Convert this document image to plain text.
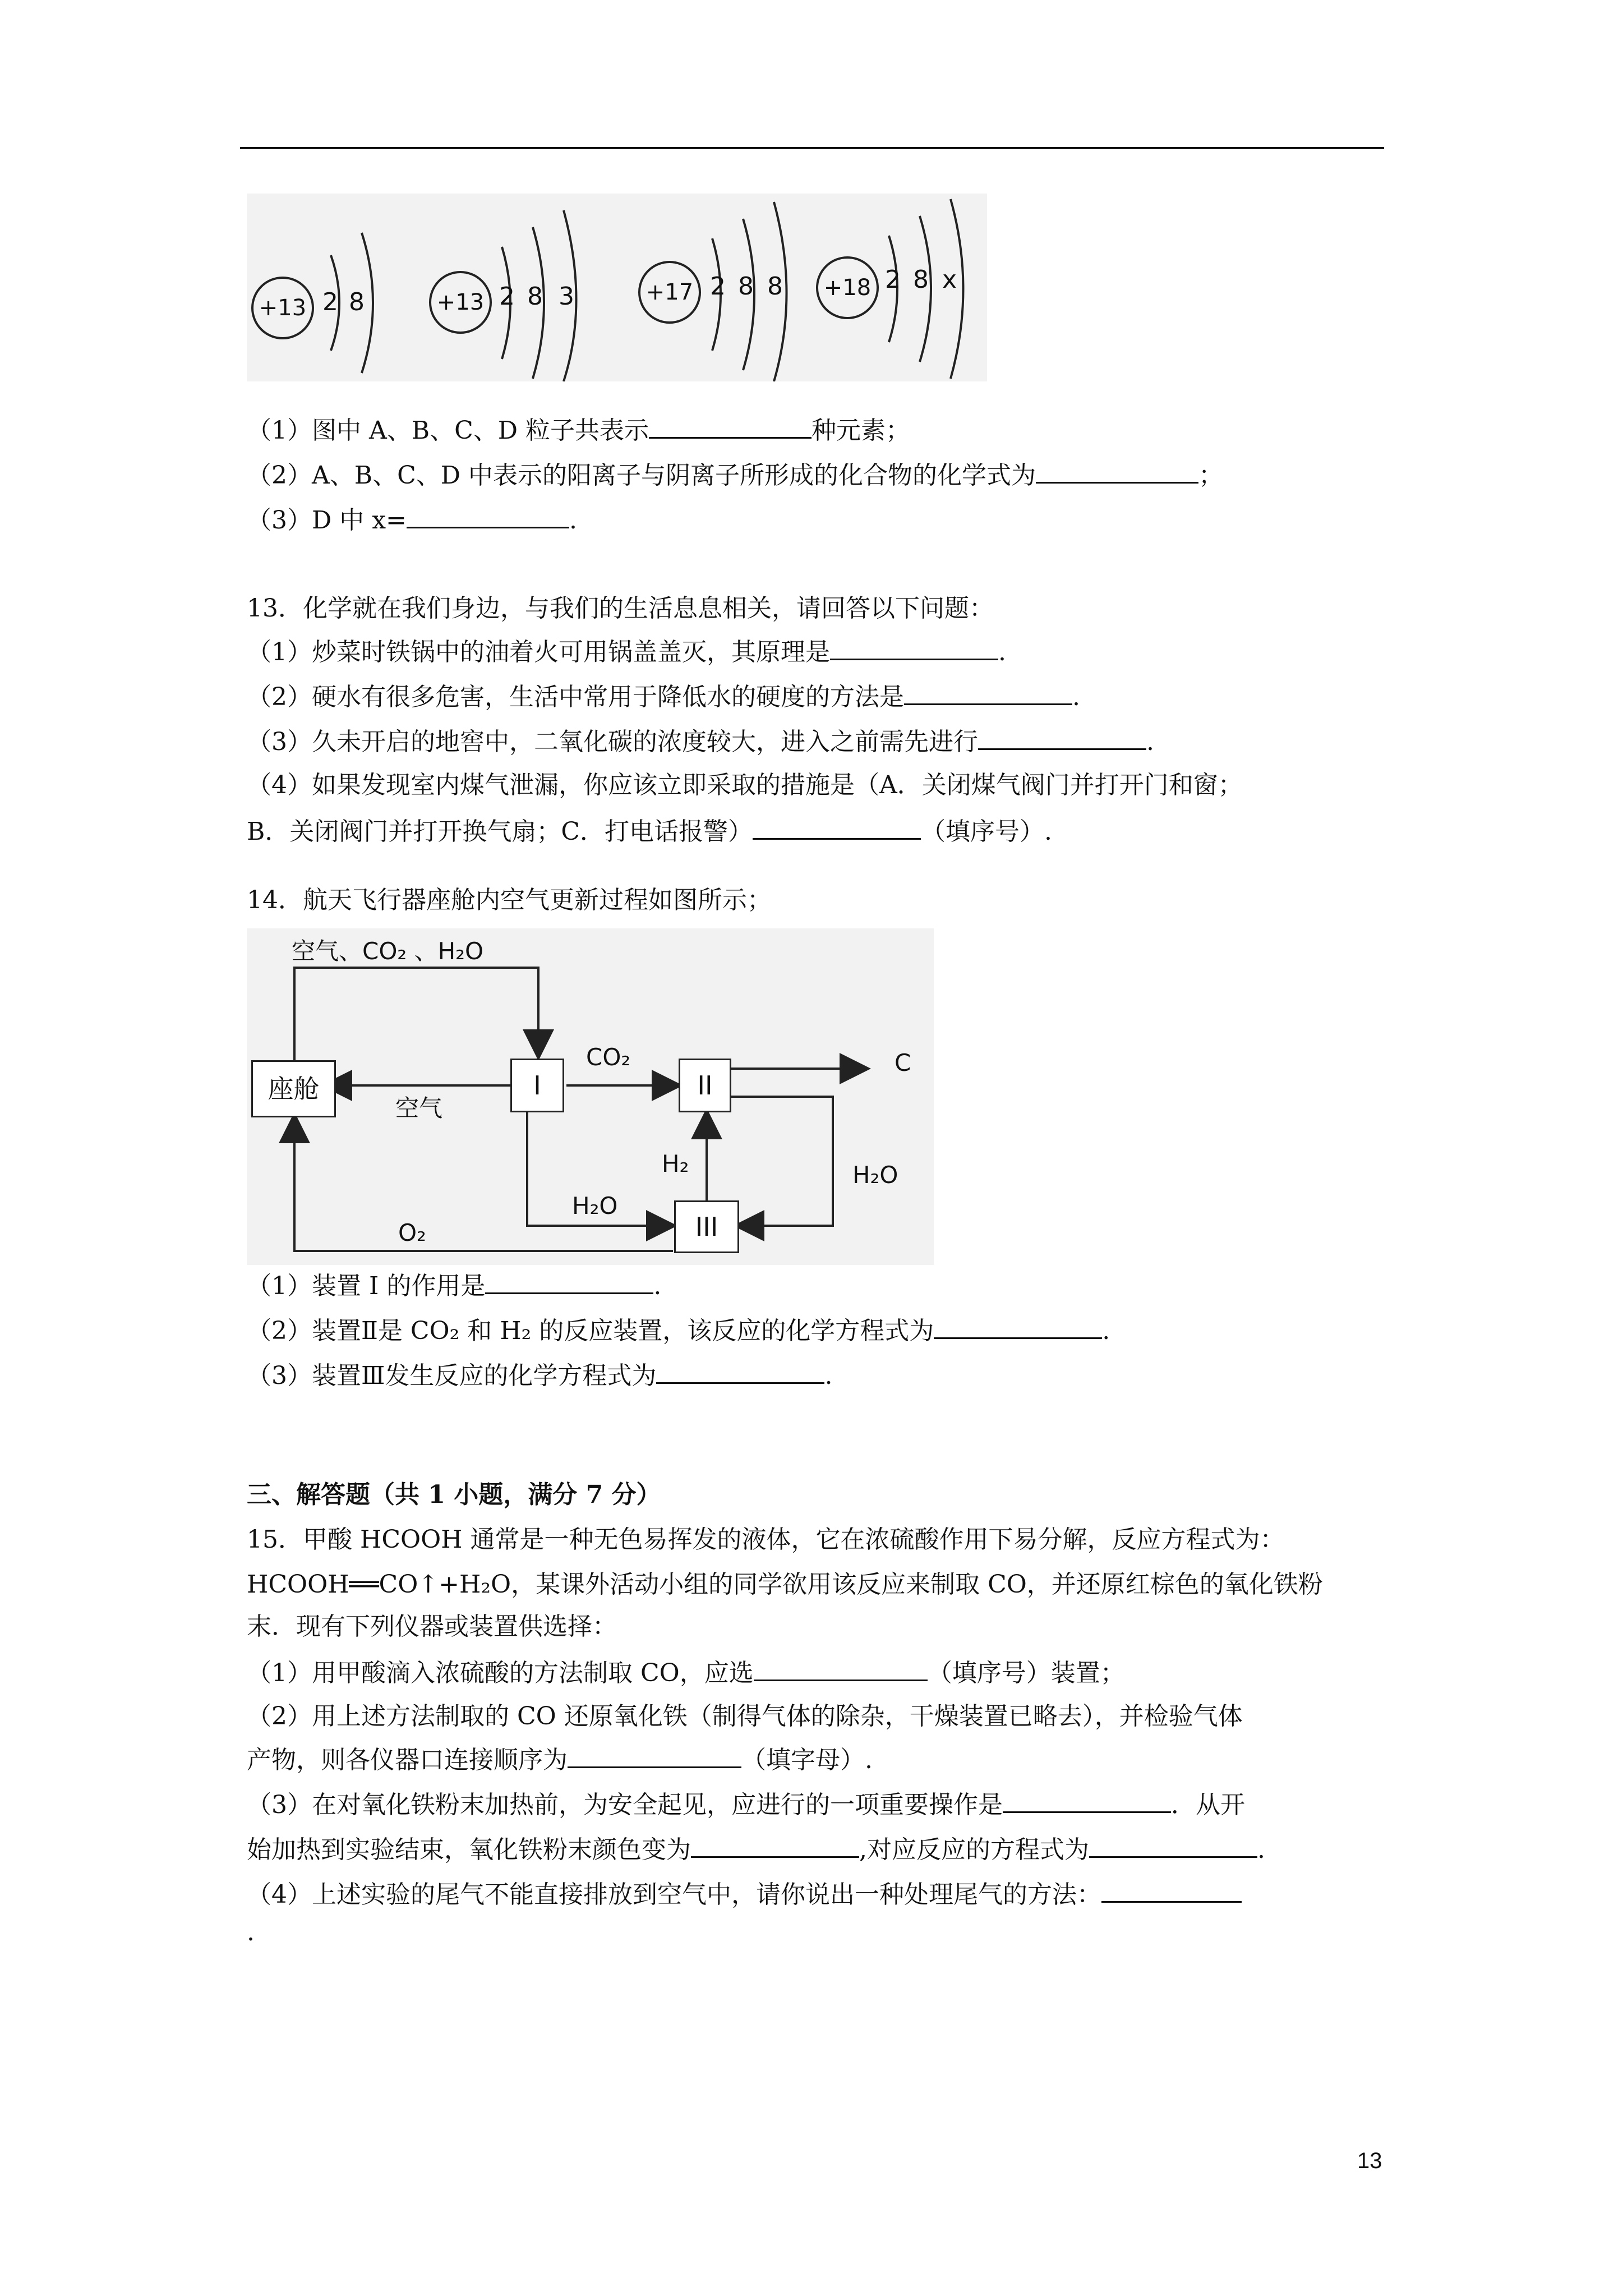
+13 2 8	+13 2 8 3	+17 2 8 8	+18 2 8 x
（1）图中 A、B、C、D 粒子共表示	种元素；
（2）A、B、C、D 中表示的阳离子与阴离子所形成的化合物的化学式为	；
（3）D 中 x=	.
13．化学就在我们身边，与我们的生活息息相关，请回答以下问题：
（1）炒菜时铁锅中的油着火可用锅盖盖灭，其原理是	.
（2）硬水有很多危害，生活中常用于降低水的硬度的方法是	.
（3）久未开启的地窖中，二氧化碳的浓度较大，进入之前需先进行	.
（4）如果发现室内煤气泄漏，你应该立即采取的措施是（A．关闭煤气阀门并打开门和窗；
B．关闭阀门并打开换气扇；C．打电话报警）	（填序号）.
14．航天飞行器座舱内空气更新过程如图所示；
空气、CO₂ 、H₂O
座舱	I	II
III
空气
CO₂	C
H₂	H₂O
H₂O
O₂
（1）装置 I 的作用是	.
（2）装置Ⅱ是 CO₂ 和 H₂ 的反应装置，该反应的化学方程式为	.
（3）装置Ⅲ发生反应的化学方程式为	.
三、解答题（共 1 小题，满分 7 分）
15．甲酸 HCOOH 通常是一种无色易挥发的液体，它在浓硫酸作用下易分解，反应方程式为：
HCOOH══CO↑+H₂O，某课外活动小组的同学欲用该反应来制取 CO，并还原红棕色的氧化铁粉
末．现有下列仪器或装置供选择：
（1）用甲酸滴入浓硫酸的方法制取 CO，应选	（填序号）装置；
（2）用上述方法制取的 CO 还原氧化铁（制得气体的除杂，干燥装置已略去），并检验气体
产物，则各仪器口连接顺序为	（填字母）.
（3）在对氧化铁粉末加热前，为安全起见，应进行的一项重要操作是	．从开
始加热到实验结束，氧化铁粉末颜色变为	,对应反应的方程式为	.
（4）上述实验的尾气不能直接排放到空气中，请你说出一种处理尾气的方法：
.
13
